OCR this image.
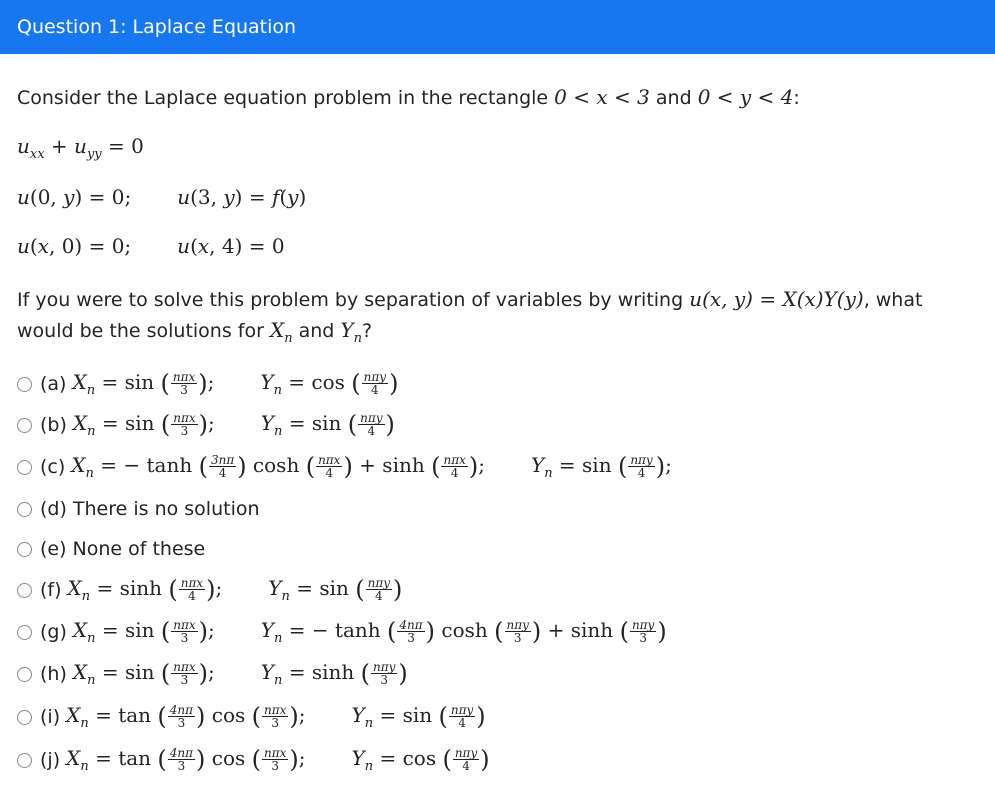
Question 1: Laplace Equation
Consider the Laplace equation problem in the rectangle 0 < x < 3 and 0 < y < 4:
$u_{xx} + u_{yy} = 0$
u(0, y) = 0; u(3, y) = f(y)
u(x, 0) = 0; u(x, 4) = 0
If you were to solve this problem by separation of variables by writing u(x, y) = X(x)Y(y), what would be the solutions for $X_n$ and $Y_n$?
(a) $X_n = \sin$ ( $\frac{\text{nπx}}{3}$ ); $Y_n = \cos$ ( $\frac{\text{nπy}}{4}$ )
(b) $X_n = \sin$ ( $\frac{\text{nπx}}{3}$ ); $Y_n = \sin$ ( $\frac{\text{nπy}}{4}$ )
(c) $X_n$ = − tanh ( $\frac{3n\pi}{4}$ ) cosh ( $\frac{\text{nπx}}{4}$ ) + sinh ( $\frac{\text{nπx}}{4}$ ); $Y_n = \sin$ ( $\frac{\text{nπy}}{4}$ );
(d) There is no solution
(e) None of these
(f) $X_n = \sinh$ ( $\frac{\text{nπx}}{4}$ ); $Y_n = \sin$ ( $\frac{\text{nπy}}{4}$ )
(g) $X_n = \sin$ ( $\frac{\text{nπx}}{3}$ ); $Y_n$ = − tanh ( $\frac{4n\pi}{3}$ ) cosh ( $\frac{\text{nπy}}{3}$ ) + sinh ( $\frac{\text{nπy}}{3}$ )
(h) $X_n = \sin$ ( $\frac{\text{nπx}}{3}$ ); $Y_n = \sinh$ ( $\frac{\text{nπy}}{3}$ )
(i) $X_n = \tan$ ( $\frac{4n\pi}{3}$ ) cos ( $\frac{\text{nπx}}{3}$ ); $Y_n = \sin$ ( $\frac{\text{nπy}}{4}$ )
(j) $X_n = \tan$ ( $\frac{4n\pi}{3}$ ) cos ( $\frac{\text{nπx}}{3}$ ); $Y_n = \cos$ ( $\frac{\text{nπy}}{4}$ )
